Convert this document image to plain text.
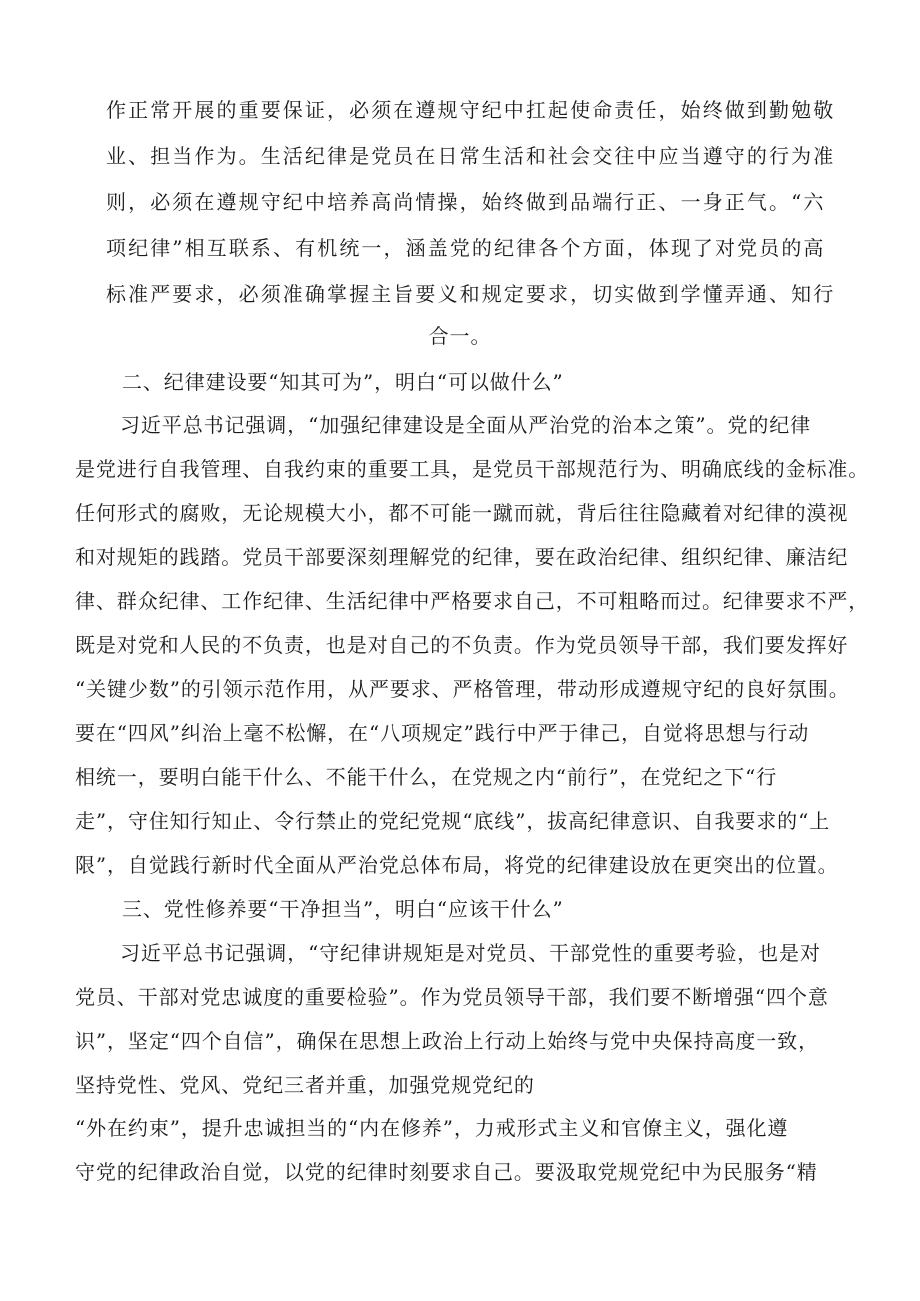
作正常开展的重要保证，必须在遵规守纪中扛起使命责任，始终做到勤勉敬
业、担当作为。生活纪律是党员在日常生活和社会交往中应当遵守的行为准
则，必须在遵规守纪中培养高尚情操，始终做到品端行正、一身正气。“六
项纪律”相互联系、有机统一，涵盖党的纪律各个方面，体现了对党员的高
标准严要求，必须准确掌握主旨要义和规定要求，切实做到学懂弄通、知行
合一。
二、纪律建设要“知其可为”，明白“可以做什么”
习近平总书记强调，“加强纪律建设是全面从严治党的治本之策”。党的纪律
是党进行自我管理、自我约束的重要工具，是党员干部规范行为、明确底线的金标准。
任何形式的腐败，无论规模大小，都不可能一蹴而就，背后往往隐藏着对纪律的漠视
和对规矩的践踏。党员干部要深刻理解党的纪律，要在政治纪律、组织纪律、廉洁纪
律、群众纪律、工作纪律、生活纪律中严格要求自己，不可粗略而过。纪律要求不严，
既是对党和人民的不负责，也是对自己的不负责。作为党员领导干部，我们要发挥好
“关键少数”的引领示范作用，从严要求、严格管理，带动形成遵规守纪的良好氛围。
要在“四风”纠治上毫不松懈，在“八项规定”践行中严于律己，自觉将思想与行动
相统一，要明白能干什么、不能干什么，在党规之内“前行”，在党纪之下“行
走”，守住知行知止、令行禁止的党纪党规“底线”，拔高纪律意识、自我要求的“上
限”，自觉践行新时代全面从严治党总体布局，将党的纪律建设放在更突出的位置。
三、党性修养要“干净担当”，明白“应该干什么”
习近平总书记强调，“守纪律讲规矩是对党员、干部党性的重要考验，也是对
党员、干部对党忠诚度的重要检验”。作为党员领导干部，我们要不断增强“四个意
识”，坚定“四个自信”，确保在思想上政治上行动上始终与党中央保持高度一致，
坚持党性、党风、党纪三者并重，加强党规党纪的
“外在约束”，提升忠诚担当的“内在修养”，力戒形式主义和官僚主义，强化遵
守党的纪律政治自觉，以党的纪律时刻要求自己。要汲取党规党纪中为民服务“精
